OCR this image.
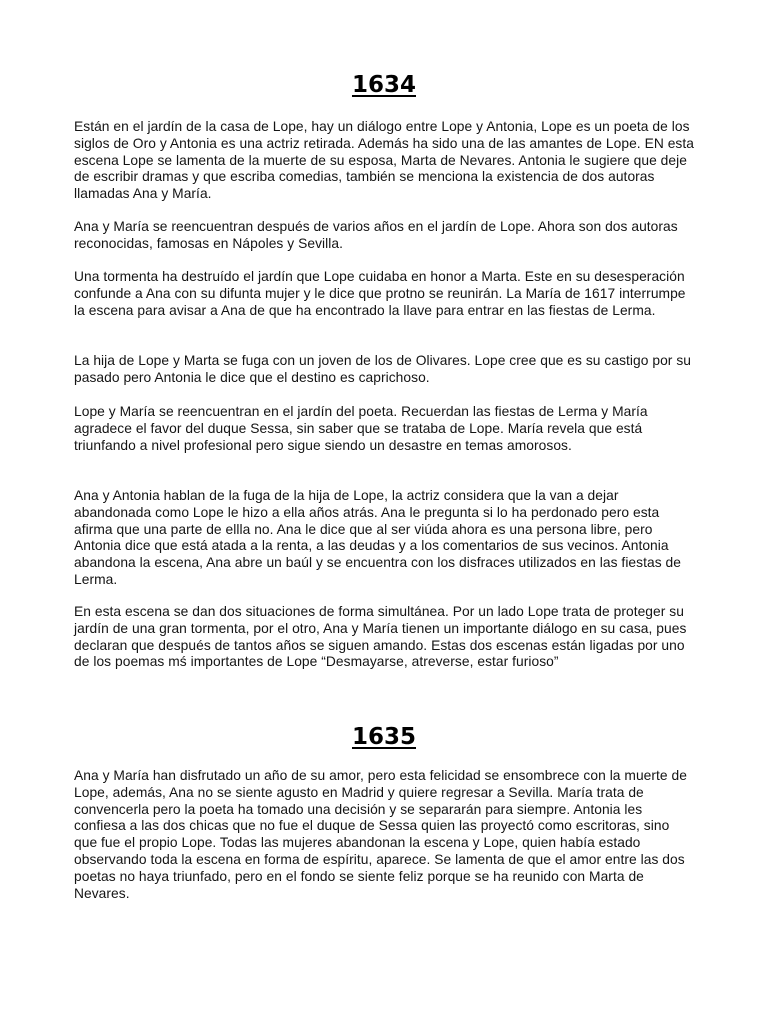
1634

Están en el jardín de la casa de Lope, hay un diálogo entre Lope y Antonia, Lope es un poeta de los siglos de Oro y Antonia es una actriz retirada. Además ha sido una de las amantes de Lope. EN esta escena Lope se lamenta de la muerte de su esposa, Marta de Nevares. Antonia le sugiere que deje de escribir dramas y que escriba comedias, también se menciona la existencia de dos autoras llamadas Ana y María.

Ana y María se reencuentran después de varios años en el jardín de Lope. Ahora son dos autoras reconocidas, famosas en Nápoles y Sevilla.

Una tormenta ha destruído el jardín que Lope cuidaba en honor a Marta. Este en su desesperación confunde a Ana con su difunta mujer y le dice que protno se reunirán. La María de 1617 interrumpe la escena para avisar a Ana de que ha encontrado la llave para entrar en las fiestas de Lerma.

La hija de Lope y Marta se fuga con un joven de los de Olivares. Lope cree que es su castigo por su pasado pero Antonia le dice que el destino es caprichoso.

Lope y María se reencuentran en el jardín del poeta. Recuerdan las fiestas de Lerma y María agradece el favor del duque Sessa, sin saber que se trataba de Lope. María revela que está triunfando a nivel profesional pero sigue siendo un desastre en temas amorosos.

Ana y Antonia hablan de la fuga de la hija de Lope, la actriz considera que la van a dejar abandonada como Lope le hizo a ella años atrás. Ana le pregunta si lo ha perdonado pero esta afirma que una parte de ellla no. Ana le dice que al ser viúda ahora es una persona libre, pero Antonia dice que está atada a la renta, a las deudas y a los comentarios de sus vecinos. Antonia abandona la escena, Ana abre un baúl y se encuentra con los disfraces utilizados en las fiestas de Lerma.

En esta escena se dan dos situaciones de forma simultánea. Por un lado Lope trata de proteger su jardín de una gran tormenta, por el otro, Ana y María tienen un importante diálogo en su casa, pues declaran que después de tantos años se siguen amando. Estas dos escenas están ligadas por uno de los poemas mś importantes de Lope “Desmayarse, atreverse, estar furioso”

1635

Ana y María han disfrutado un año de su amor, pero esta felicidad se ensombrece con la muerte de Lope, además, Ana no se siente agusto en Madrid y quiere regresar a Sevilla. María trata de convencerla pero la poeta ha tomado una decisión y se separarán para siempre. Antonia les confiesa a las dos chicas que no fue el duque de Sessa quien las proyectó como escritoras, sino que fue el propio Lope. Todas las mujeres abandonan la escena y Lope, quien había estado observando toda la escena en forma de espíritu, aparece. Se lamenta de que el amor entre las dos poetas no haya triunfado, pero en el fondo se siente feliz porque se ha reunido con Marta de Nevares.
